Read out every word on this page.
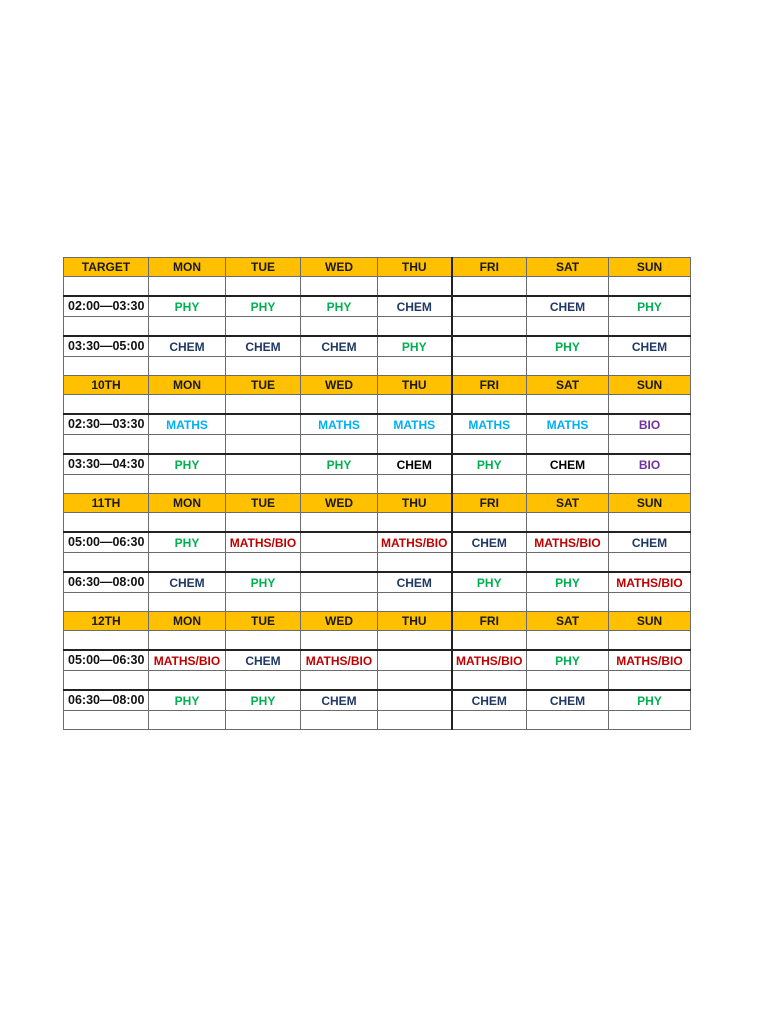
TARGET	MON	TUE	WED	THU	FRI	SAT	SUN

02:00—03:30	PHY	PHY	PHY	CHEM		CHEM	PHY

03:30—05:00	CHEM	CHEM	CHEM	PHY		PHY	CHEM

10TH	MON	TUE	WED	THU	FRI	SAT	SUN

02:30—03:30	MATHS		MATHS	MATHS	MATHS	MATHS	BIO

03:30—04:30	PHY		PHY	CHEM	PHY	CHEM	BIO

11TH	MON	TUE	WED	THU	FRI	SAT	SUN

05:00—06:30	PHY	MATHS/BIO		MATHS/BIO	CHEM	MATHS/BIO	CHEM

06:30—08:00	CHEM	PHY		CHEM	PHY	PHY	MATHS/BIO

12TH	MON	TUE	WED	THU	FRI	SAT	SUN

05:00—06:30	MATHS/BIO	CHEM	MATHS/BIO		MATHS/BIO	PHY	MATHS/BIO

06:30—08:00	PHY	PHY	CHEM		CHEM	CHEM	PHY
